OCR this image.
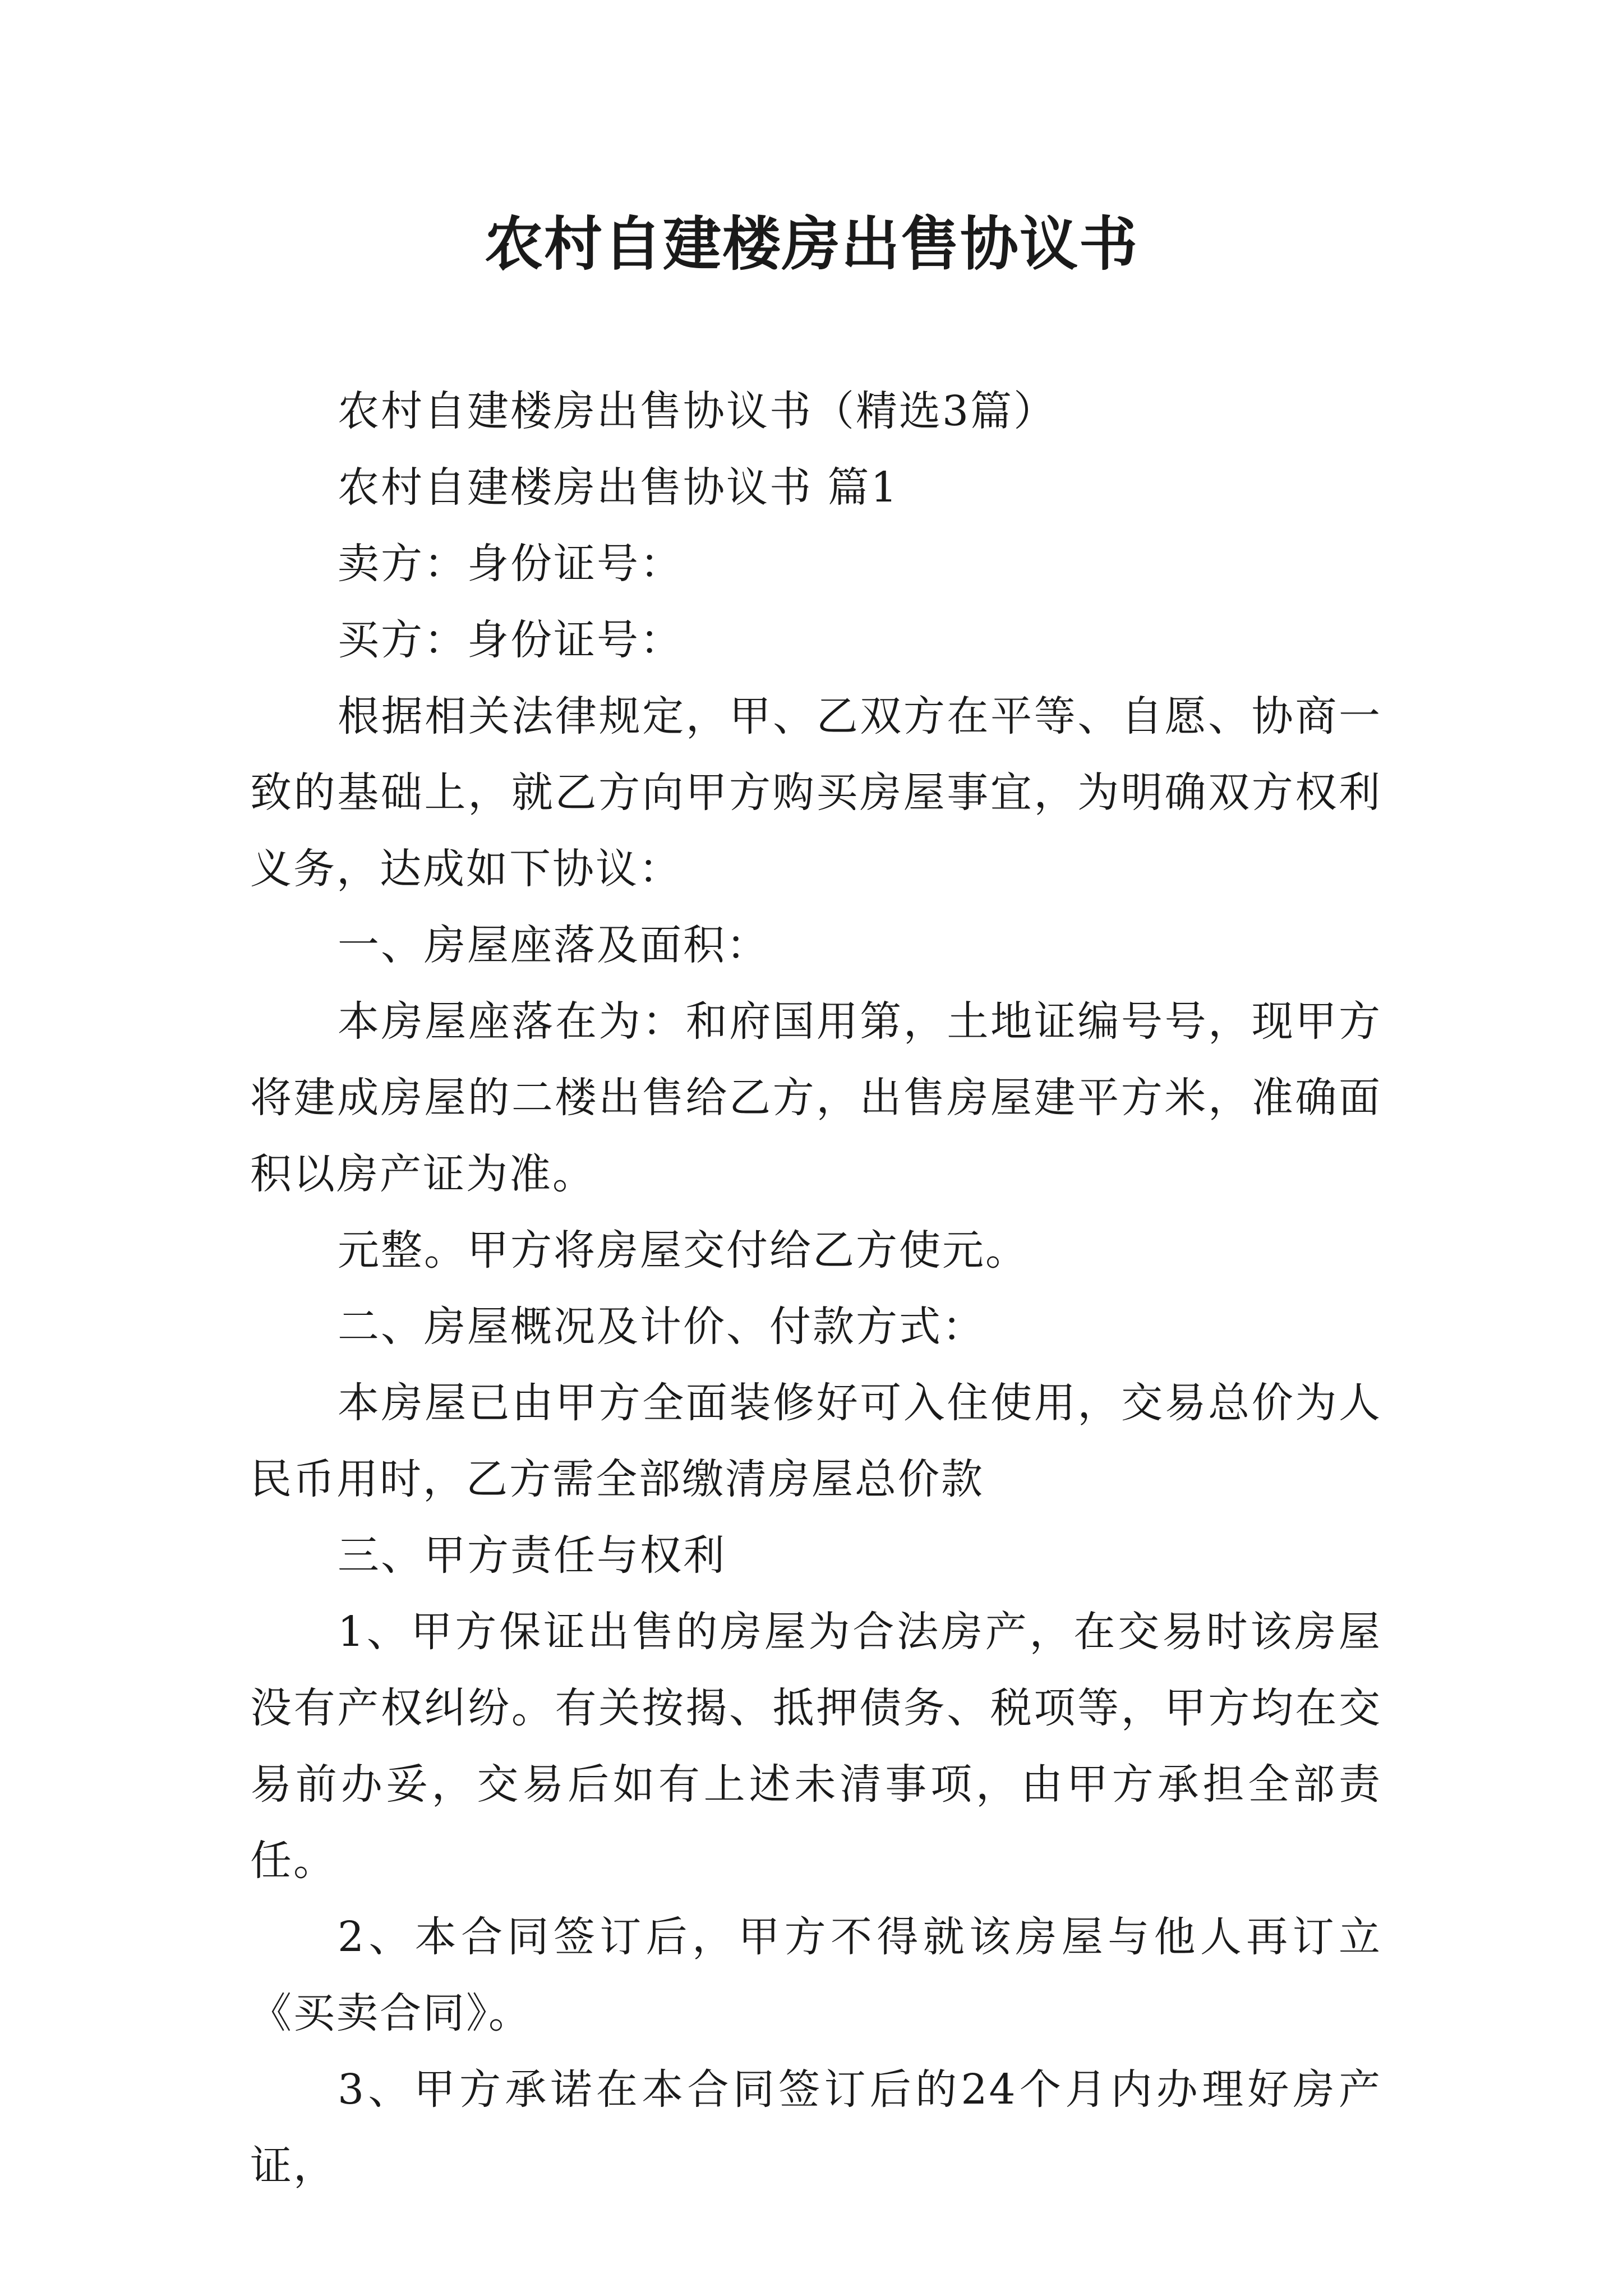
农村自建楼房出售协议书

农村自建楼房出售协议书（精选3篇）

农村自建楼房出售协议书 篇1

卖方：身份证号：

买方：身份证号：

根据相关法律规定，甲、乙双方在平等、自愿、协商一致的基础上，就乙方向甲方购买房屋事宜，为明确双方权利义务，达成如下协议：

一、房屋座落及面积：

本房屋座落在为：和府国用第，土地证编号号，现甲方将建成房屋的二楼出售给乙方，出售房屋建平方米，准确面积以房产证为准。

元整。甲方将房屋交付给乙方使元。

二、房屋概况及计价、付款方式：

本房屋已由甲方全面装修好可入住使用，交易总价为人民币用时，乙方需全部缴清房屋总价款

三、甲方责任与权利

1、甲方保证出售的房屋为合法房产，在交易时该房屋没有产权纠纷。有关按揭、抵押债务、税项等，甲方均在交易前办妥，交易后如有上述未清事项，由甲方承担全部责任。

2、本合同签订后，甲方不得就该房屋与他人再订立《买卖合同》。

3、甲方承诺在本合同签订后的24个月内办理好房产证，
